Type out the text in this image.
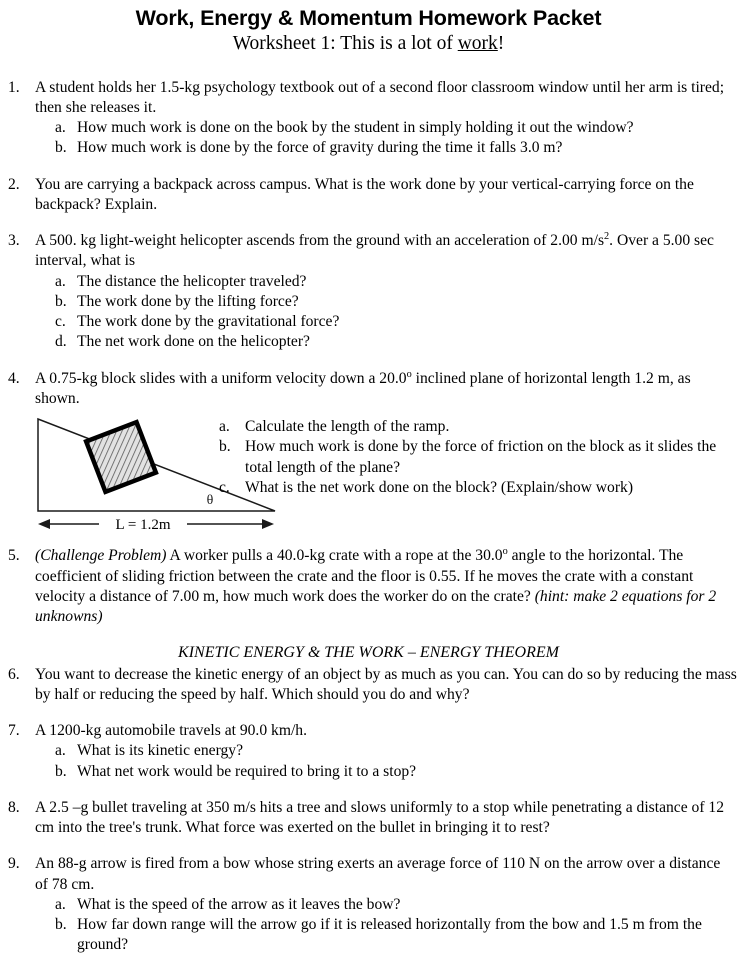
Work, Energy & Momentum Homework Packet
Worksheet 1: This is a lot of work!
1. A student holds her 1.5-kg psychology textbook out of a second floor classroom window until her arm is tired; then she releases it.
a. How much work is done on the book by the student in simply holding it out the window?
b. How much work is done by the force of gravity during the time it falls 3.0 m?
2. You are carrying a backpack across campus. What is the work done by your vertical-carrying force on the backpack? Explain.
3. A 500. kg light-weight helicopter ascends from the ground with an acceleration of 2.00 $m/s^2$. Over a 5.00 sec interval, what is
a. The distance the helicopter traveled?
b. The work done by the lifting force?
c. The work done by the gravitational force?
d. The net work done on the helicopter?
4. A 0.75-kg block slides with a uniform velocity down a 20.0$^o$ inclined plane of horizontal length 1.2 m, as shown.
θ
L = 1.2m
a. Calculate the length of the ramp.
b. How much work is done by the force of friction on the block as it slides the total length of the plane?
c. What is the net work done on the block? (Explain/show work)
5. (Challenge Problem) A worker pulls a 40.0-kg crate with a rope at the 30.0$^o$ angle to the horizontal. The coefficient of sliding friction between the crate and the floor is 0.55. If he moves the crate with a constant velocity a distance of 7.00 m, how much work does the worker do on the crate? (hint: make 2 equations for 2 unknowns)
KINETIC ENERGY & THE WORK – ENERGY THEOREM
6. You want to decrease the kinetic energy of an object by as much as you can. You can do so by reducing the mass by half or reducing the speed by half. Which should you do and why?
7. A 1200-kg automobile travels at 90.0 km/h.
a. What is its kinetic energy?
b. What net work would be required to bring it to a stop?
8. A 2.5 –g bullet traveling at 350 m/s hits a tree and slows uniformly to a stop while penetrating a distance of 12 cm into the tree's trunk. What force was exerted on the bullet in bringing it to rest?
9. An 88-g arrow is fired from a bow whose string exerts an average force of 110 N on the arrow over a distance of 78 cm.
a. What is the speed of the arrow as it leaves the bow?
b. How far down range will the arrow go if it is released horizontally from the bow and 1.5 m from the ground?
